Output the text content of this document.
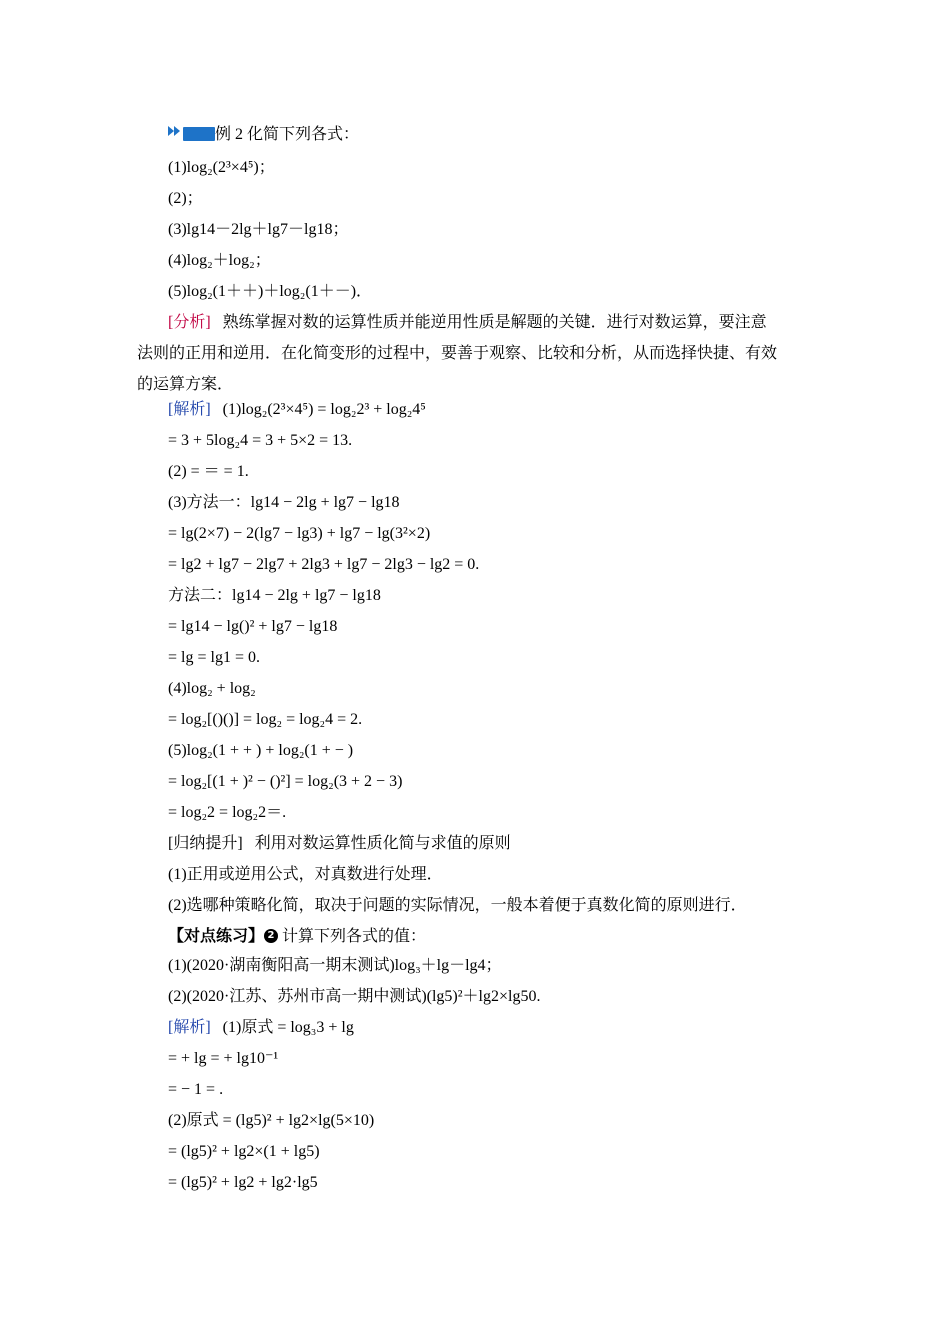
例 2 化简下列各式：
(1)log₂(2³×4⁵)；
(2)；
(3)lg14－2lg＋lg7－lg18；
(4)log₂＋log₂；
(5)log₂(1＋＋)＋log₂(1＋－)．
[分析] 熟练掌握对数的运算性质并能逆用性质是解题的关键．进行对数运算，要注意
法则的正用和逆用．在化简变形的过程中，要善于观察、比较和分析，从而选择快捷、有效
的运算方案．
[解析] (1)log₂(2³×4⁵) = log₂2³ + log₂4⁵
= 3 + 5log₂4 = 3 + 5×2 = 13.
(2) = ＝ = 1.
(3)方法一：lg14 − 2lg + lg7 − lg18
= lg(2×7) − 2(lg7 − lg3) + lg7 − lg(3²×2)
= lg2 + lg7 − 2lg7 + 2lg3 + lg7 − 2lg3 − lg2 = 0.
方法二：lg14 − 2lg + lg7 − lg18
= lg14 − lg()² + lg7 − lg18
= lg = lg1 = 0.
(4)log₂ + log₂
= log₂[()()] = log₂ = log₂4 = 2.
(5)log₂(1 + + ) + log₂(1 + − )
= log₂[(1 + )² − ()²] = log₂(3 + 2 − 3)
= log₂2 = log₂2＝.
[归纳提升] 利用对数运算性质化简与求值的原则
(1)正用或逆用公式，对真数进行处理．
(2)选哪种策略化简，取决于问题的实际情况，一般本着便于真数化简的原则进行．
【对点练习】 2 计算下列各式的值：
(1)(2020·湖南衡阳高一期末测试)log₃＋lg－lg4；
(2)(2020·江苏、苏州市高一期中测试)(lg5)²＋lg2×lg50.
[解析] (1)原式 = log₃3 + lg
= + lg = + lg10⁻¹
= − 1 = .
(2)原式 = (lg5)² + lg2×lg(5×10)
= (lg5)² + lg2×(1 + lg5)
= (lg5)² + lg2 + lg2·lg5
